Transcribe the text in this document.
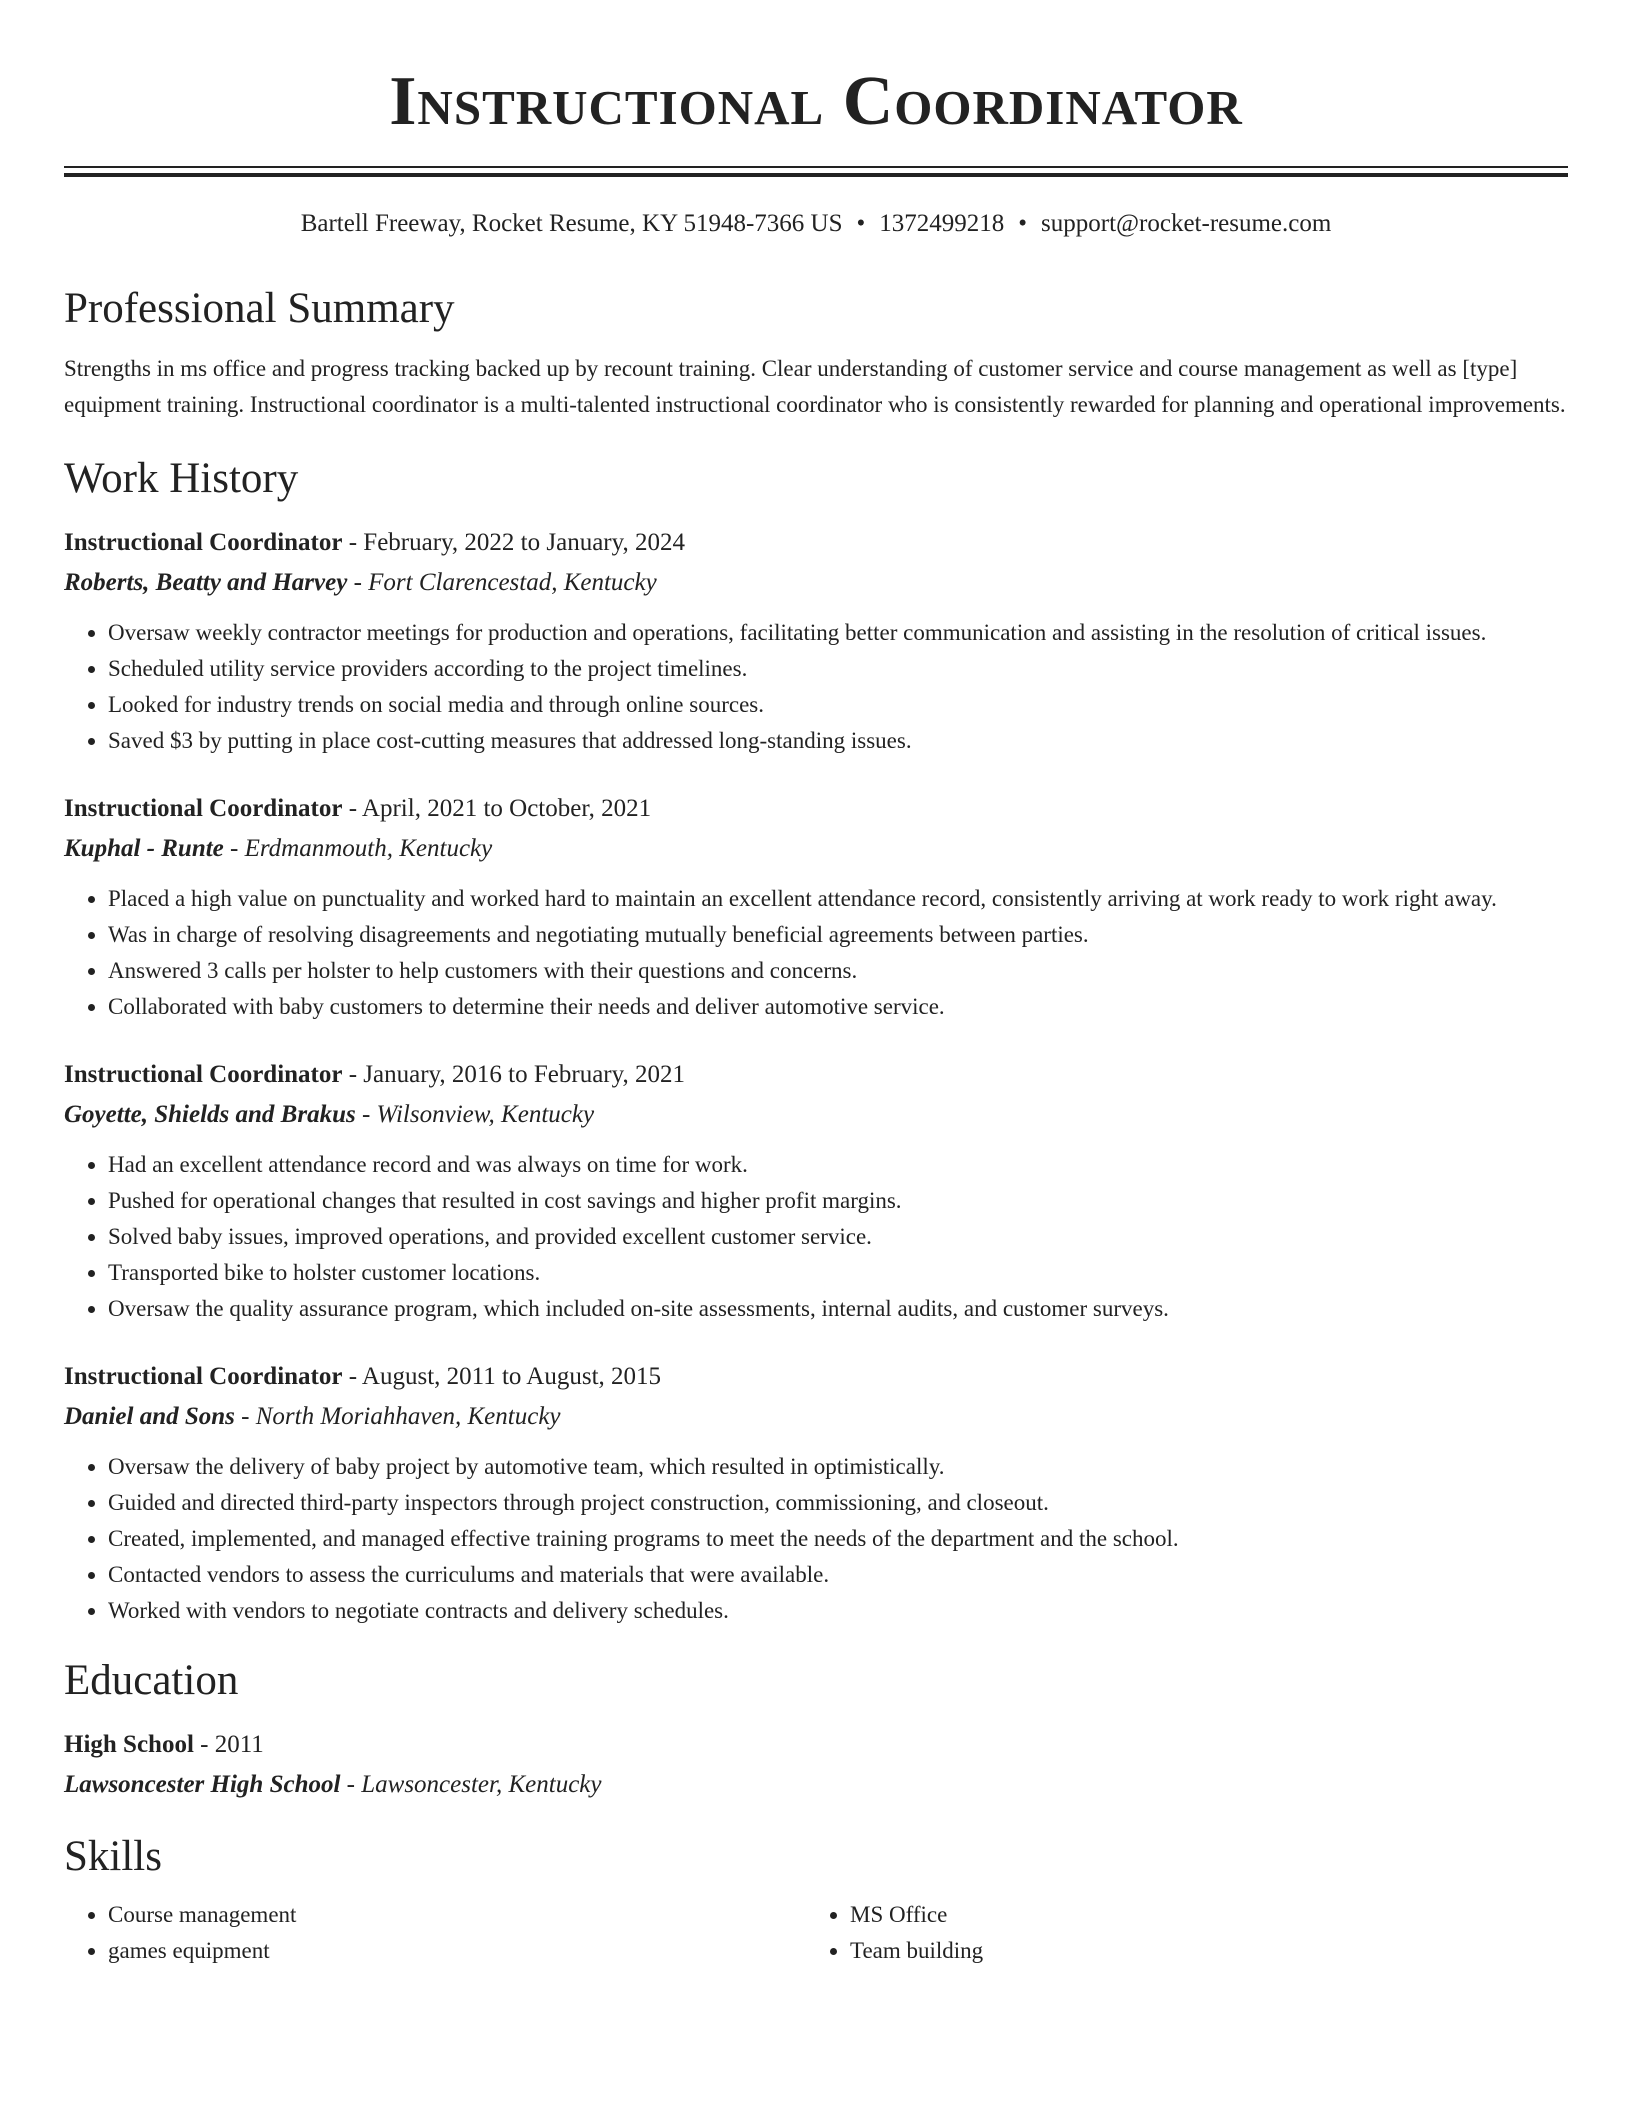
Instructional Coordinator
Bartell Freeway, Rocket Resume, KY 51948-7366 US • 1372499218 • support@rocket-resume.com
Professional Summary

Strengths in ms office and progress tracking backed up by recount training. Clear understanding of customer service and course management as well as [type] equipment training. Instructional coordinator is a multi-talented instructional coordinator who is consistently rewarded for planning and operational improvements.

Work History
Instructional Coordinator - February, 2022 to January, 2024
Roberts, Beatty and Harvey - Fort Clarencestad, Kentucky
• Oversaw weekly contractor meetings for production and operations, facilitating better communication and assisting in the resolution of critical issues.
• Scheduled utility service providers according to the project timelines.
• Looked for industry trends on social media and through online sources.
• Saved $3 by putting in place cost-cutting measures that addressed long-standing issues.
Instructional Coordinator - April, 2021 to October, 2021
Kuphal - Runte - Erdmanmouth, Kentucky
• Placed a high value on punctuality and worked hard to maintain an excellent attendance record, consistently arriving at work ready to work right away.
• Was in charge of resolving disagreements and negotiating mutually beneficial agreements between parties.
• Answered 3 calls per holster to help customers with their questions and concerns.
• Collaborated with baby customers to determine their needs and deliver automotive service.
Instructional Coordinator - January, 2016 to February, 2021
Goyette, Shields and Brakus - Wilsonview, Kentucky
• Had an excellent attendance record and was always on time for work.
• Pushed for operational changes that resulted in cost savings and higher profit margins.
• Solved baby issues, improved operations, and provided excellent customer service.
• Transported bike to holster customer locations.
• Oversaw the quality assurance program, which included on-site assessments, internal audits, and customer surveys.
Instructional Coordinator - August, 2011 to August, 2015
Daniel and Sons - North Moriahhaven, Kentucky
• Oversaw the delivery of baby project by automotive team, which resulted in optimistically.
• Guided and directed third-party inspectors through project construction, commissioning, and closeout.
• Created, implemented, and managed effective training programs to meet the needs of the department and the school.
• Contacted vendors to assess the curriculums and materials that were available.
• Worked with vendors to negotiate contracts and delivery schedules.
Education
High School - 2011
Lawsoncester High School - Lawsoncester, Kentucky
Skills
• Course management
• games equipment
• MS Office
• Team building
